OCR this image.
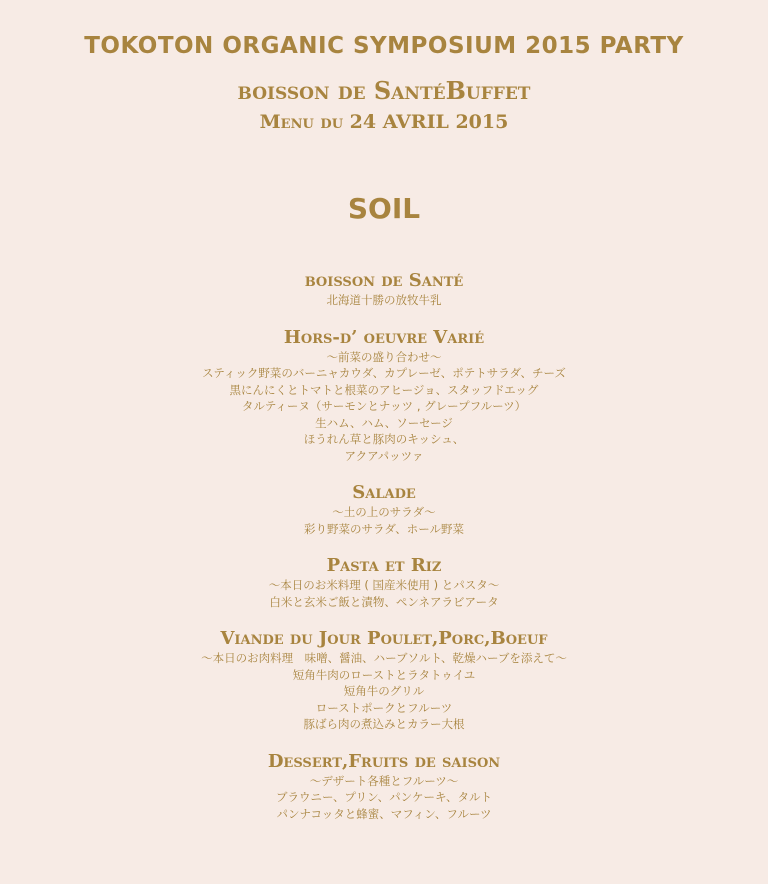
TOKOTON ORGANIC SYMPOSIUM 2015 PARTY
boisson de SantéBuffet
Menu du 24 AVRIL 2015
SOIL
boisson de Santé
北海道十勝の放牧牛乳
Hors-d’ oeuvre Varié
～前菜の盛り合わせ～
スティック野菜のバーニャカウダ、カプレーゼ、ポテトサラダ、チーズ
黒にんにくとトマトと根菜のアヒージョ、スタッフドエッグ
タルティーヌ（サーモンとナッツ , グレープフルーツ）
生ハム、ハム、ソーセージ
ほうれん草と豚肉のキッシュ、
アクアパッツァ
Salade
～土の上のサラダ～
彩り野菜のサラダ、ホール野菜
Pasta et Riz
～本日のお米料理 ( 国産米使用 ) とパスタ～
白米と玄米ご飯と漬物、ペンネアラビアータ
Viande du Jour Poulet,Porc,Boeuf
～本日のお肉料理　味噌、醤油、ハーブソルト、乾燥ハーブを添えて～
短角牛肉のローストとラタトゥイユ
短角牛のグリル
ローストポークとフルーツ
豚ばら肉の煮込みとカラー大根
Dessert,Fruits de saison
～デザート各種とフルーツ～
ブラウニー、プリン、パンケーキ、タルト
パンナコッタと蜂蜜、マフィン、フルーツ
